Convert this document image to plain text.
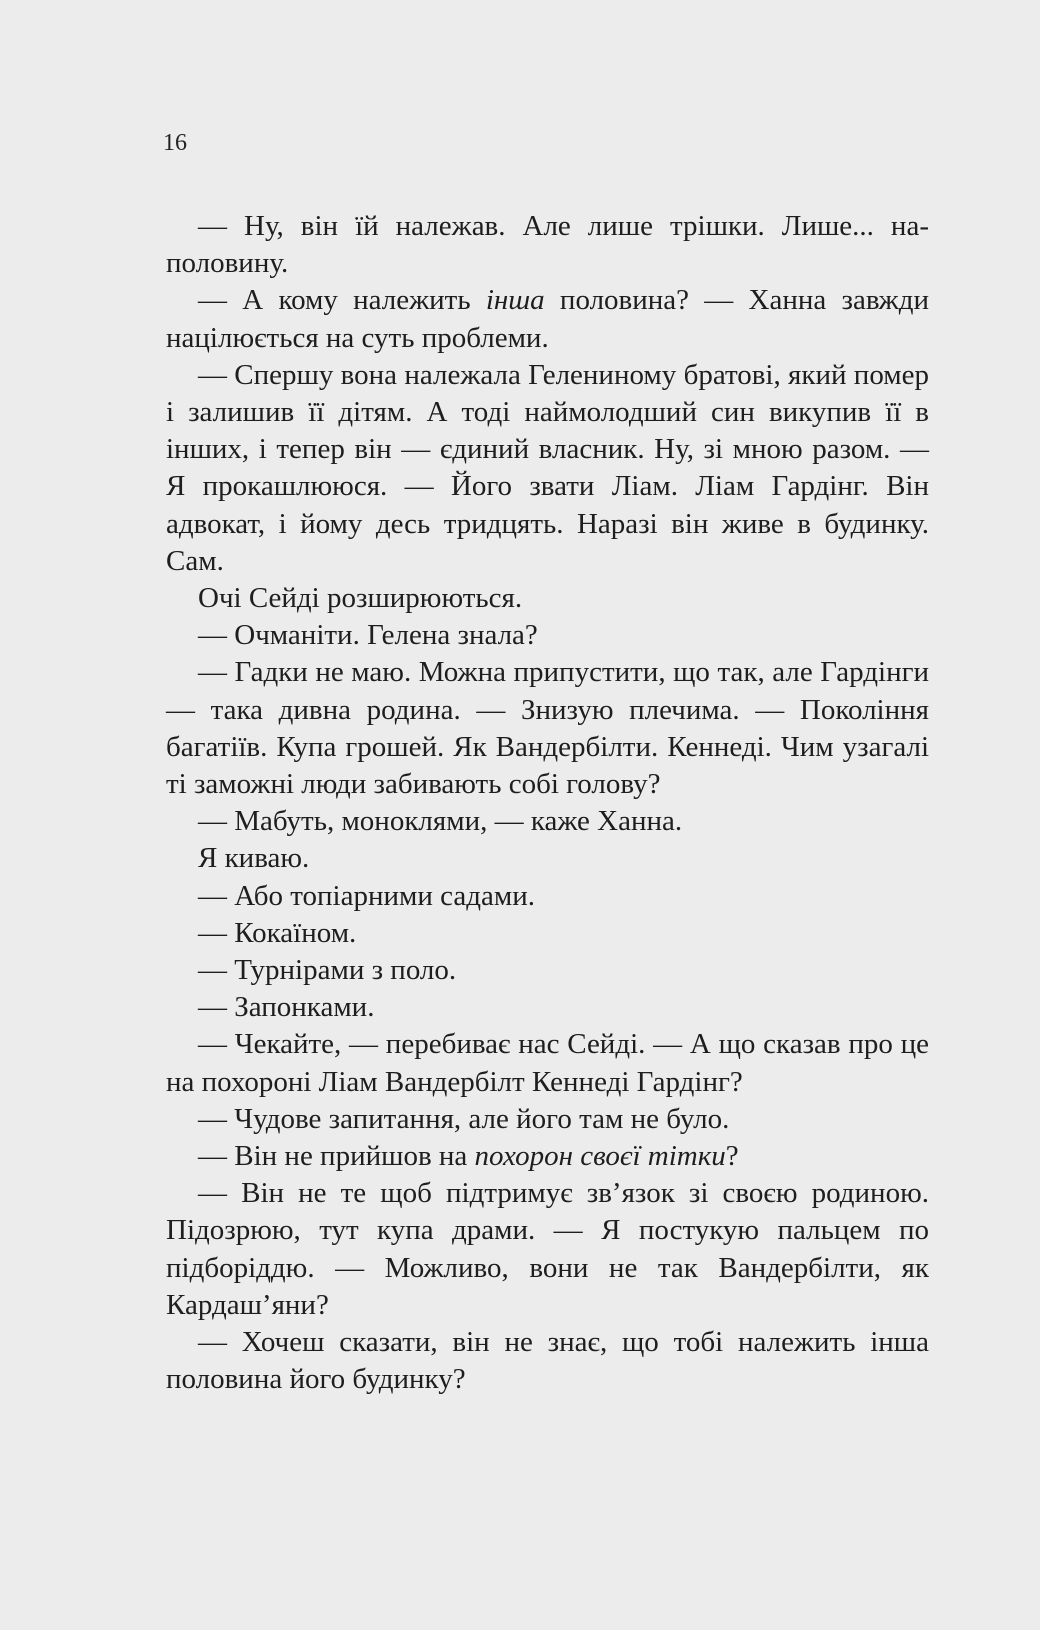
16

— Ну, він їй належав. Але лише трішки. Лише... наполовину.

— А кому належить інша половина? — Ханна завжди націлюється на суть проблеми.

— Спершу вона належала Гелениному братові, який помер і залишив її дітям. А тоді наймолодший син викупив її в інших, і тепер він — єдиний власник. Ну, зі мною разом. — Я прокашлююся. — Його звати Ліам. Ліам Гардінг. Він адвокат, і йому десь тридцять. Наразі він живе в будинку. Сам.

Очі Сейді розширюються.

— Очманіти. Гелена знала?

— Гадки не маю. Можна припустити, що так, але Гардінги — така дивна родина. — Знизую плечима. — Покоління багатіїв. Купа грошей. Як Вандербілти. Кеннеді. Чим узагалі ті заможні люди забивають собі голову?

— Мабуть, моноклями, — каже Ханна.

Я киваю.

— Або топіарними садами.

— Кокаїном.

— Турнірами з поло.

— Запонками.

— Чекайте, — перебиває нас Сейді. — А що сказав про це на похороні Ліам Вандербілт Кеннеді Гардінг?

— Чудове запитання, але його там не було.

— Він не прийшов на похорон своєї тітки?

— Він не те щоб підтримує зв’язок зі своєю родиною. Підозрюю, тут купа драми. — Я постукую пальцем по підборіддю. — Можливо, вони не так Вандербілти, як Кардаш’яни?

— Хочеш сказати, він не знає, що тобі належить інша половина його будинку?
